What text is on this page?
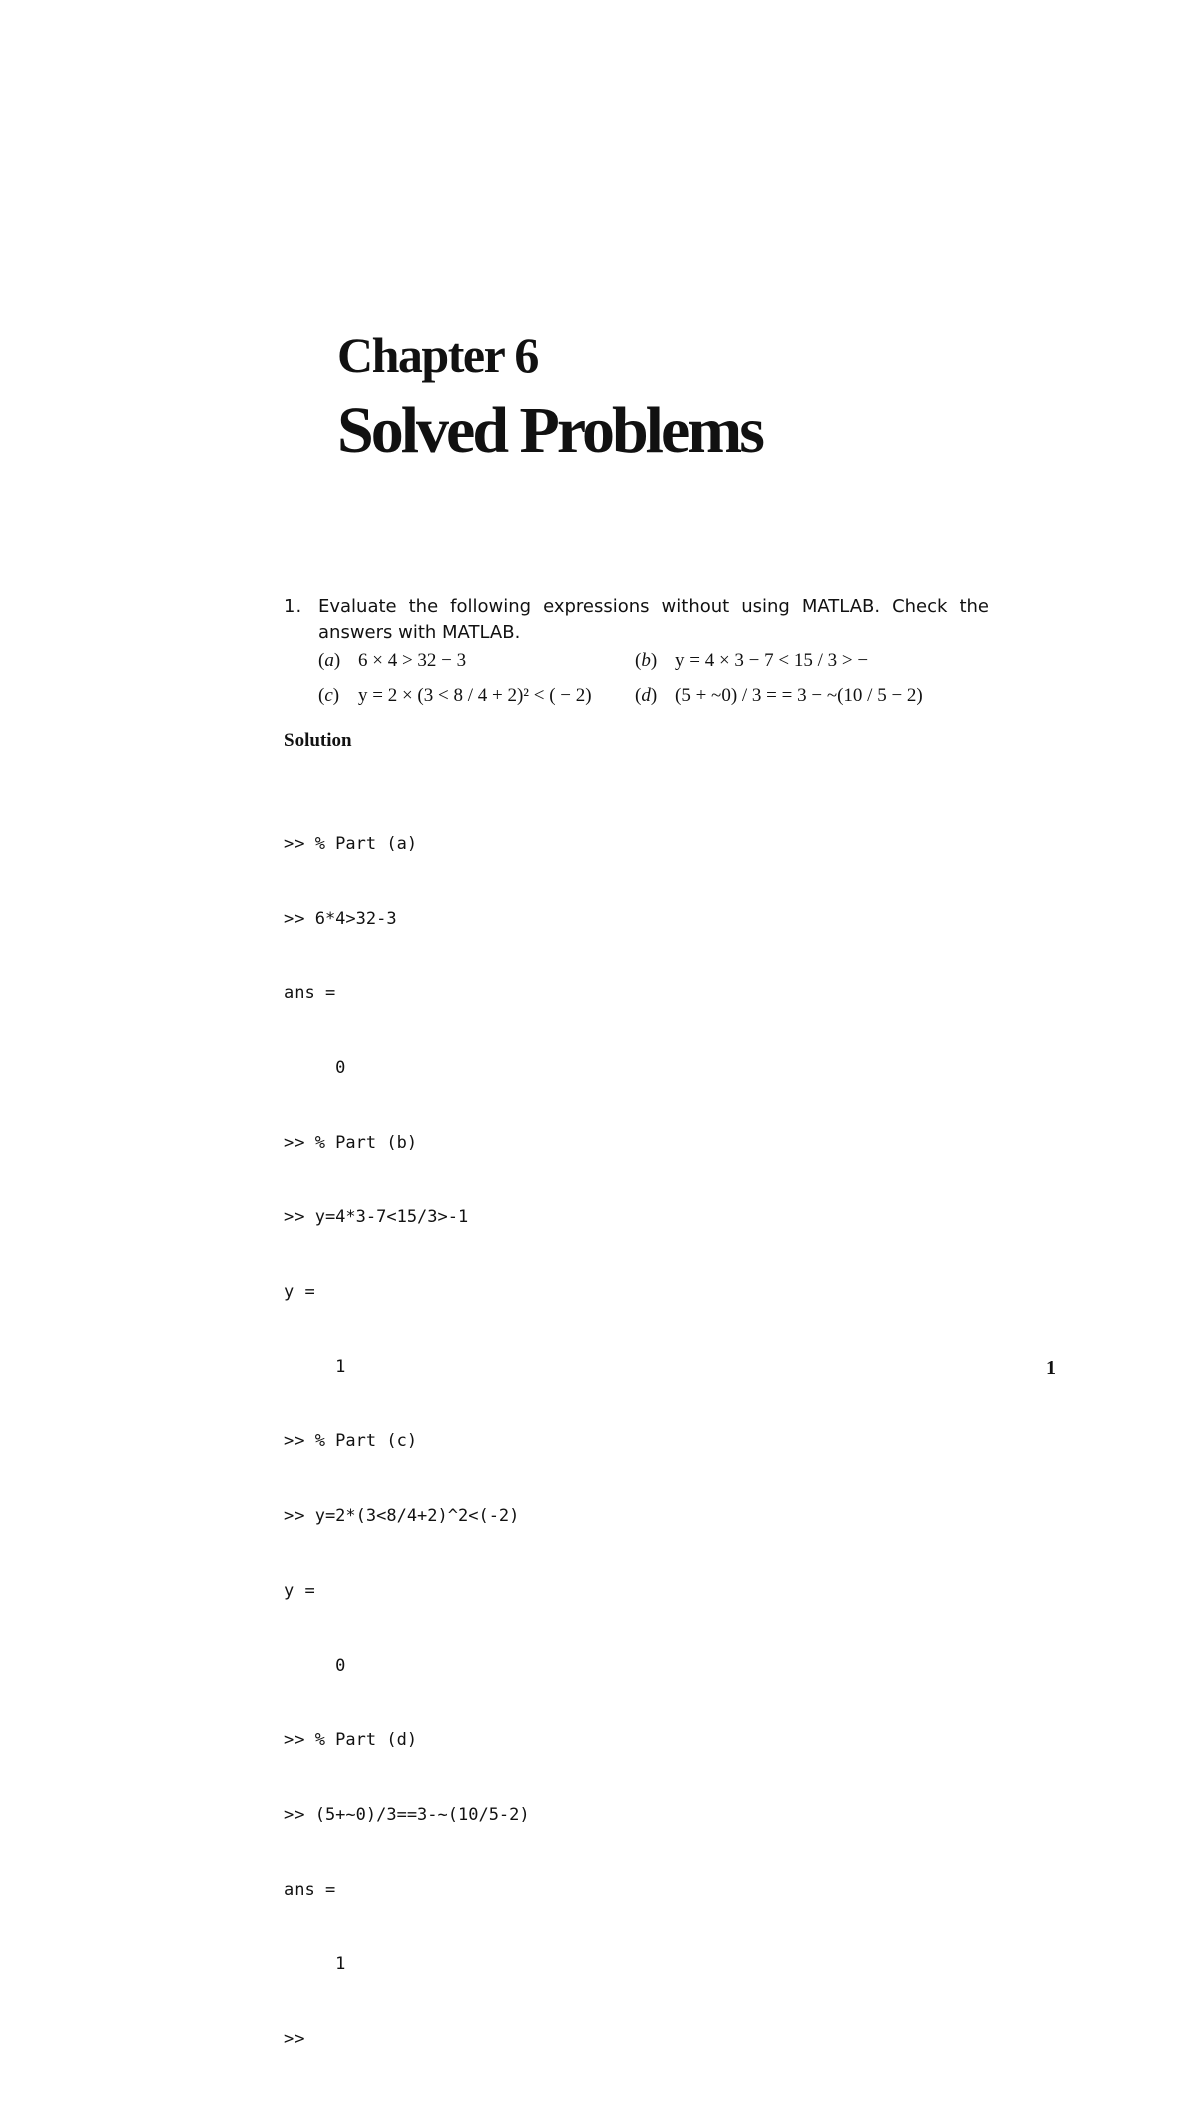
Chapter 6
Solved Problems
1. Evaluate the following expressions without using MATLAB. Check the answers with MATLAB.
(a) 6 × 4 > 32 − 3	(b) y = 4 × 3 − 7 < 15 / 3 > −
(c) y = 2 × (3 < 8 / 4 + 2)² < ( − 2) (d) (5 + ~0) / 3 = = 3 − ~(10 / 5 − 2)
Solution

>> % Part (a)

>> 6*4>32-3

ans =

0

>> % Part (b)

>> y=4*3-7<15/3>-1

y =

1

>> % Part (c)

>> y=2*(3<8/4+2)^2<(-2)

y =

0

>> % Part (d)

>> (5+~0)/3==3-~(10/5-2)

ans =

1

>>

1
